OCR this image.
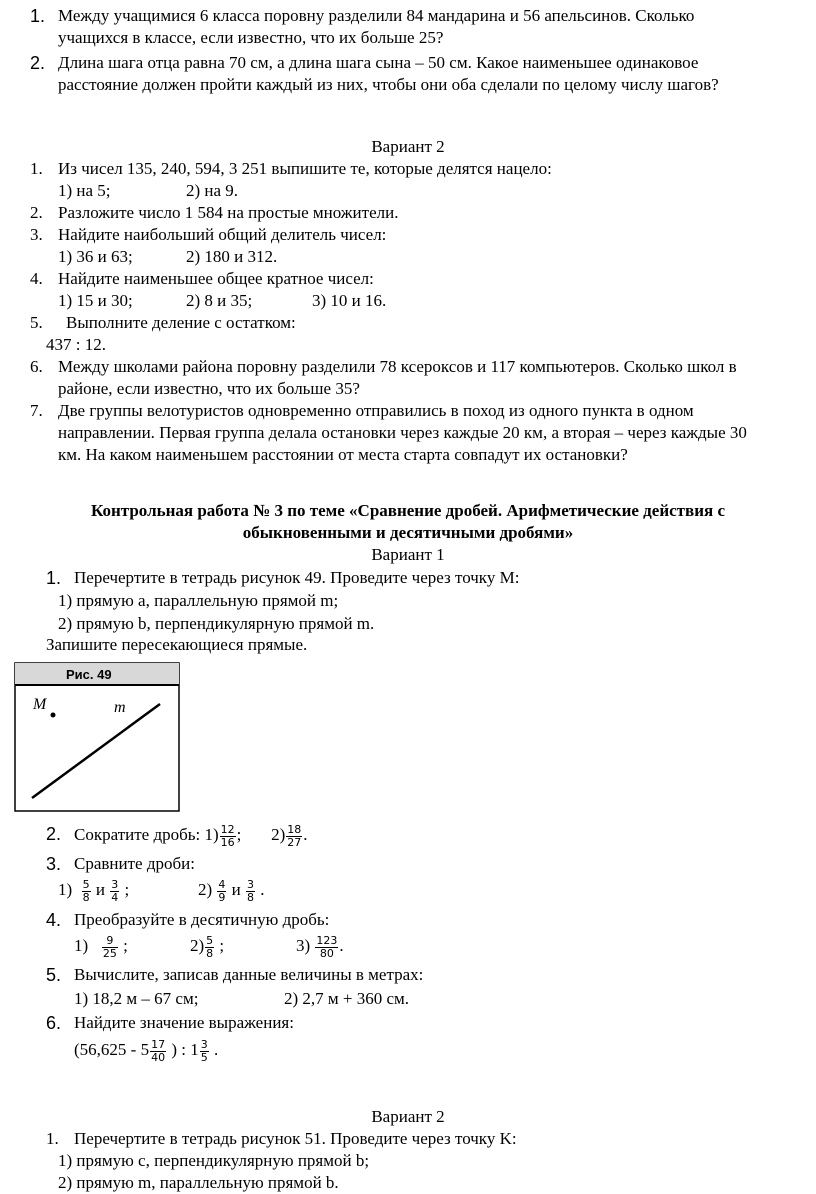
1. Между учащимися 6 класса поровну разделили 84 мандарина и 56 апельсинов. Сколько
учащихся в классе, если известно, что их больше 25?
2. Длина шага отца равна 70 см, а длина шага сына – 50 см. Какое наименьшее одинаковое
расстояние должен пройти каждый из них, чтобы они оба сделали по целому числу шагов?
Вариант 2
1. Из чисел 135, 240, 594, 3 251 выпишите те, которые делятся нацело:
1) на 5;	2) на 9.
2. Разложите число 1 584 на простые множители.
3. Найдите наибольший общий делитель чисел:
1) 36 и 63;	2) 180 и 312.
4. Найдите наименьшее общее кратное чисел:
1) 15 и 30;	2) 8 и 35;	3) 10 и 16.
5. Выполните деление с остатком:
437 : 12.
6. Между школами района поровну разделили 78 ксероксов и 117 компьютеров. Сколько школ в
районе, если известно, что их больше 35?
7. Две группы велотуристов одновременно отправились в поход из одного пункта в одном
направлении. Первая группа делала остановки через каждые 20 км, а вторая – через каждые 30
км. На каком наименьшем расстоянии от места старта совпадут их остановки?
Контрольная работа № 3 по теме «Сравнение дробей. Арифметические действия с
обыкновенными и десятичными дробями»
Вариант 1
1. Перечертите в тетрадь рисунок 49. Проведите через точку M:
1) прямую a, параллельную прямой m;
2) прямую b, перпендикулярную прямой m.
Запишите пересекающиеся прямые.
Рис. 49
M	m
2. Сократите дробь: $1) \frac{12}{16}$ ;       $2) \frac{18}{27}$ .
3. Сравните дроби:
$1) \frac{5}{8}$ и $\frac{3}{4}$ ;	$2) \frac{4}{9}$ и $\frac{3}{8}$ .
4. Преобразуйте в десятичную дробь:
$1) \frac{9}{25}$ ;	$2) \frac{5}{8}$ ;	$3) \frac{123}{80}$ .
5. Вычислите, записав данные величины в метрах:
1) 18,2 м – 67 см;	2) 2,7 м + 360 см.
6. Найдите значение выражения:
($56,625 - 5 \frac{17}{40}$ ) : $1 \frac{3}{5}$ .
Вариант 2
1. Перечертите в тетрадь рисунок 51. Проведите через точку K:
1) прямую c, перпендикулярную прямой b;
2) прямую m, параллельную прямой b.
